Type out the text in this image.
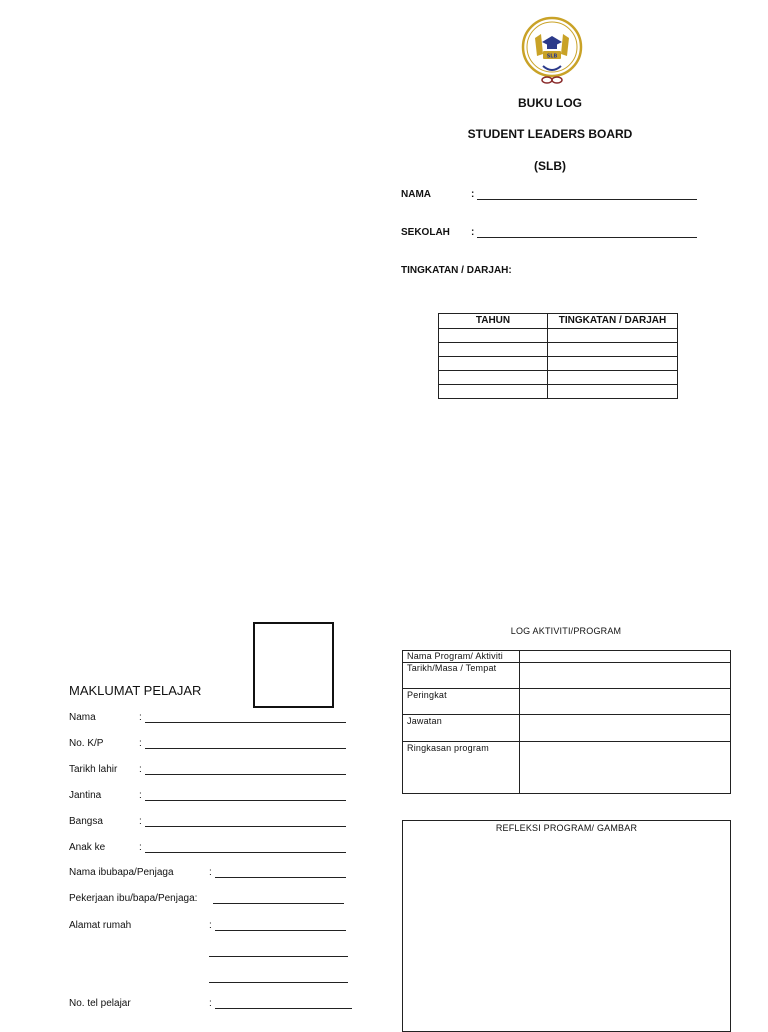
SLB
BUKU LOG
STUDENT LEADERS BOARD
(SLB)
NAMA	:
SEKOLAH :
TINGKATAN / DARJAH:
TAHUN	TINGKATAN / DARJAH

MAKLUMAT PELAJAR
Nama	:
No. K/P	:
Tarikh lahir :
Jantina	:
Bangsa	:
Anak ke	:
Nama ibubapa/Penjaga	:
Pekerjaan ibu/bapa/Penjaga:
Alamat rumah	:
No. tel pelajar	:
LOG AKTIVITI/PROGRAM
Nama Program/ Aktiviti	
Tarikh/Masa / Tempat	
Peringkat	
Jawatan	
Ringkasan program	
REFLEKSI PROGRAM/ GAMBAR
